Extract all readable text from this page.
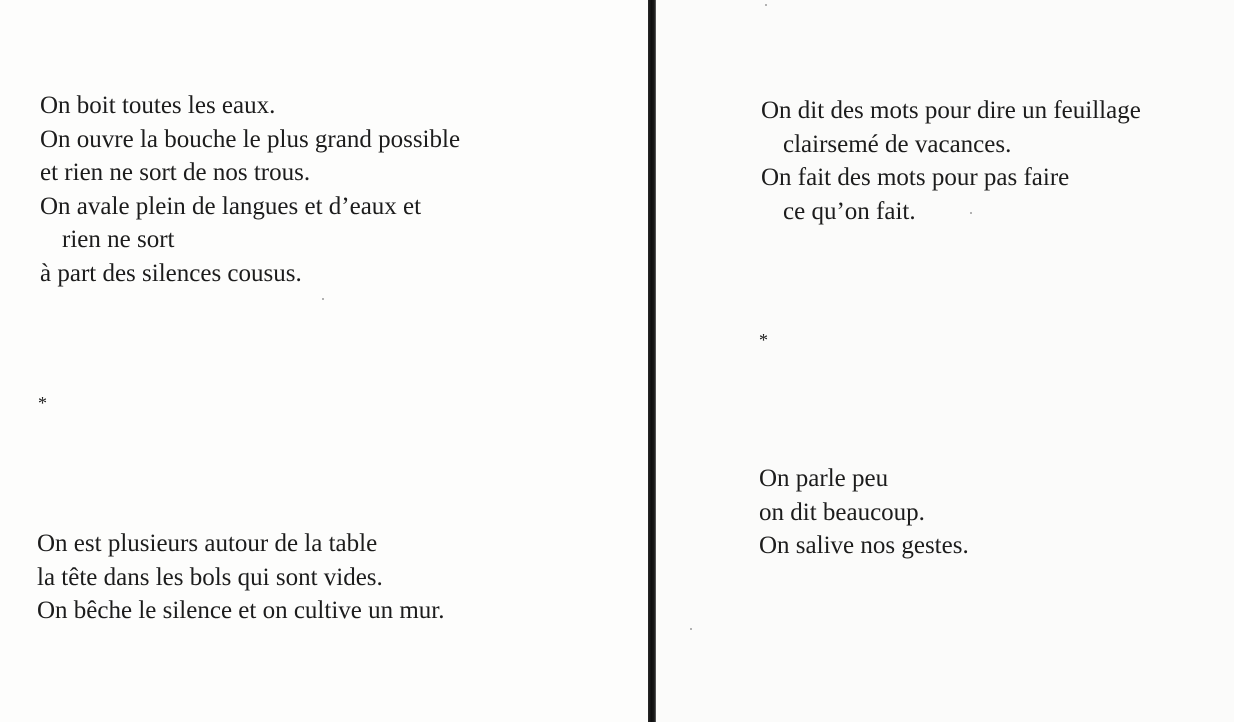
On boit toutes les eaux.
On ouvre la bouche le plus grand possible
et rien ne sort de nos trous.
On avale plein de langues et d’eaux et
rien ne sort
à part des silences cousus.
*
On est plusieurs autour de la table
la tête dans les bols qui sont vides.
On bêche le silence et on cultive un mur.
On dit des mots pour dire un feuillage
clairsemé de vacances.
On fait des mots pour pas faire
ce qu’on fait.
*
On parle peu
on dit beaucoup.
On salive nos gestes.
